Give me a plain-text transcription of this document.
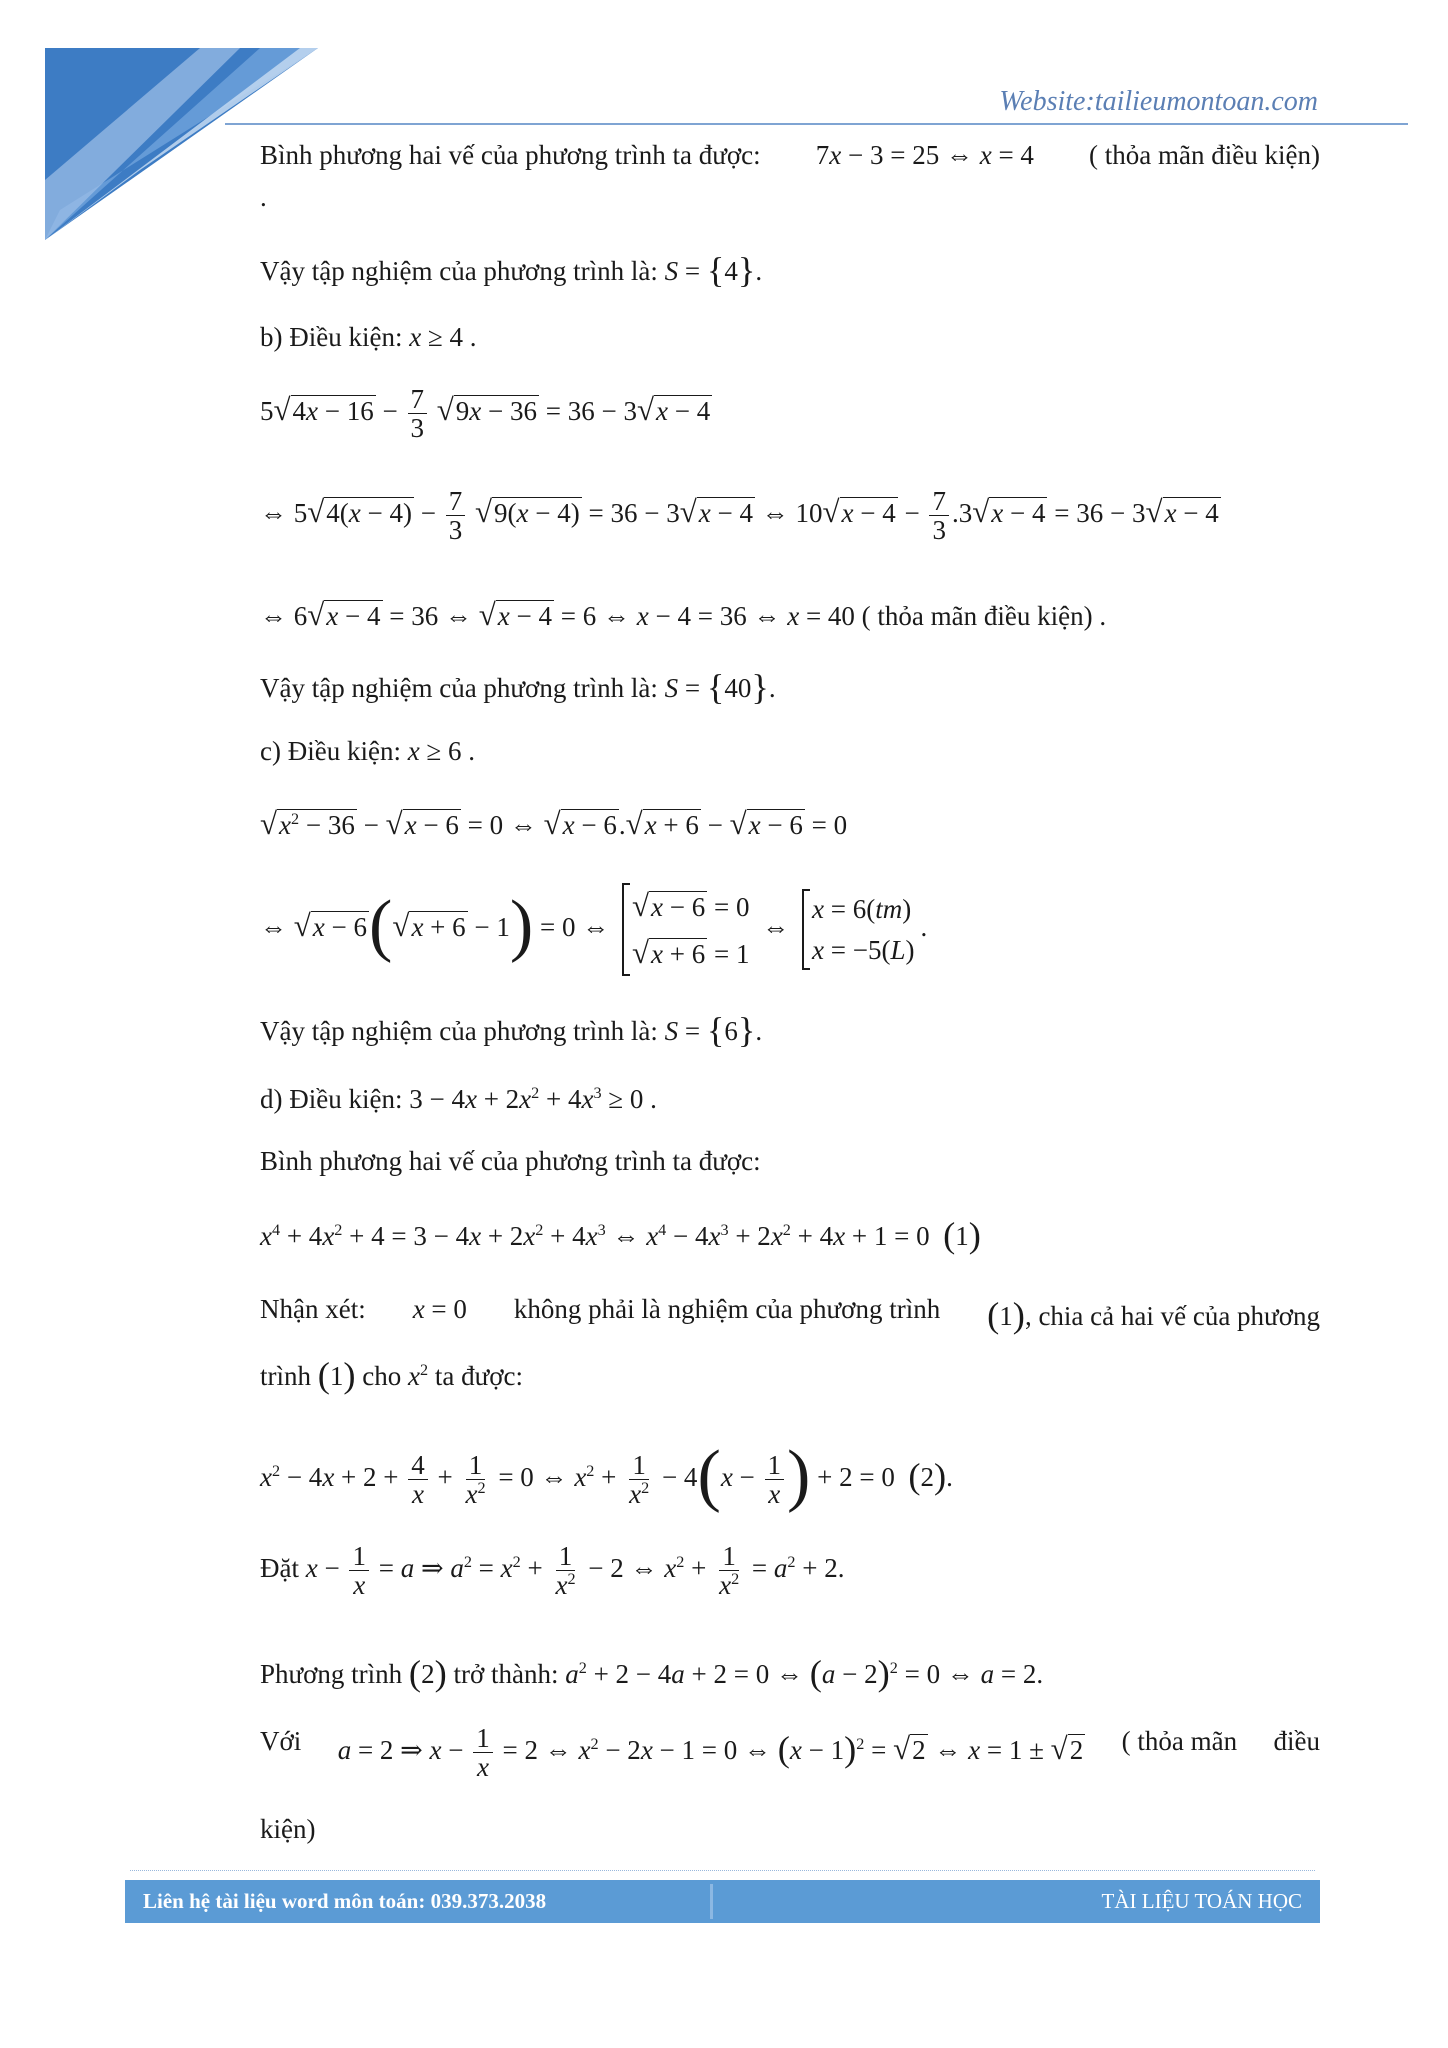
Website:tailieumontoan.com
Bình phương hai vế của phương trình ta được: 7x − 3 = 25 ⇔ x = 4 ( thỏa mãn điều kiện)
.
Vậy tập nghiệm của phương trình là: S = {4}.
b) Điều kiện: x ≥ 4 .
$5√4x - 16 - \frac{7}{3} √9x - 36 = 36 - 3√x - 4$
⇔ $5√4(x - 4) - \frac{7}{3} √9(x - 4) = 36 - 3√x - 4$ ⇔ $10√x - 4 - \frac{7}{3} .3√x - 4 = 36 - 3√x - 4$
⇔ 6√x − 4 = 36 ⇔ √x − 4 = 6 ⇔ x − 4 = 36 ⇔ x = 40 ( thỏa mãn điều kiện) .
Vậy tập nghiệm của phương trình là: S = {40}.
c) Điều kiện: x ≥ 6 .
$√x^2 - 36 - √x - 6 = 0$ ⇔ √x − 6.√x + 6 − √x − 6 = 0
⇔ √x − 6(√x + 6 − 1) = 0 ⇔
√x − 6 = 0
√x + 6 = 1
⇔
x = 6(tm)
x = −5(L)
.
Vậy tập nghiệm của phương trình là: S = {6}.
d) Điều kiện: $3 - 4x + 2x^2 + 4x^3 \ge 0$ .
Bình phương hai vế của phương trình ta được:
$x^4 + 4x^2 + 4 = 3 - 4x + 2x^2 + 4x^3$ ⇔ $x^4 - 4x^3 + 2x^2 + 4x + 1 = 0$  (1)
Nhận xét: x = 0 không phải là nghiệm của phương trình (1), chia cả hai vế của phương
trình (1) cho $x^2$ ta được:
$x^2 - 4x + 2 + \frac{4}{x} + \frac{1}{x^2} = 0$ ⇔ $x^2 + \frac{1}{x^2} - 4(x - \frac{1}{x}$ ) + 2 = 0  (2).
Đặt $x - \frac{1}{x} = a$ ⇒ $a^2 = x^2 + \frac{1}{x^2} - 2$ ⇔ $x^2 + \frac{1}{x^2} = a^2 + 2$.
Phương trình (2) trở thành: $a^2 + 2 - 4a + 2 = 0$ ⇔ $(a - 2)^2 = 0$ ⇔ a = 2.
Với a = 2 ⇒ $x - \frac{1}{x} = 2$ ⇔ $x^2 - 2x - 1 = 0$ ⇔ $(x - 1)^2 = √2$ ⇔ x = 1 ± √2 ( thỏa mãn điều
kiện)
Liên hệ tài liệu word môn toán: 039.373.2038	TÀI LIỆU TOÁN HỌC
